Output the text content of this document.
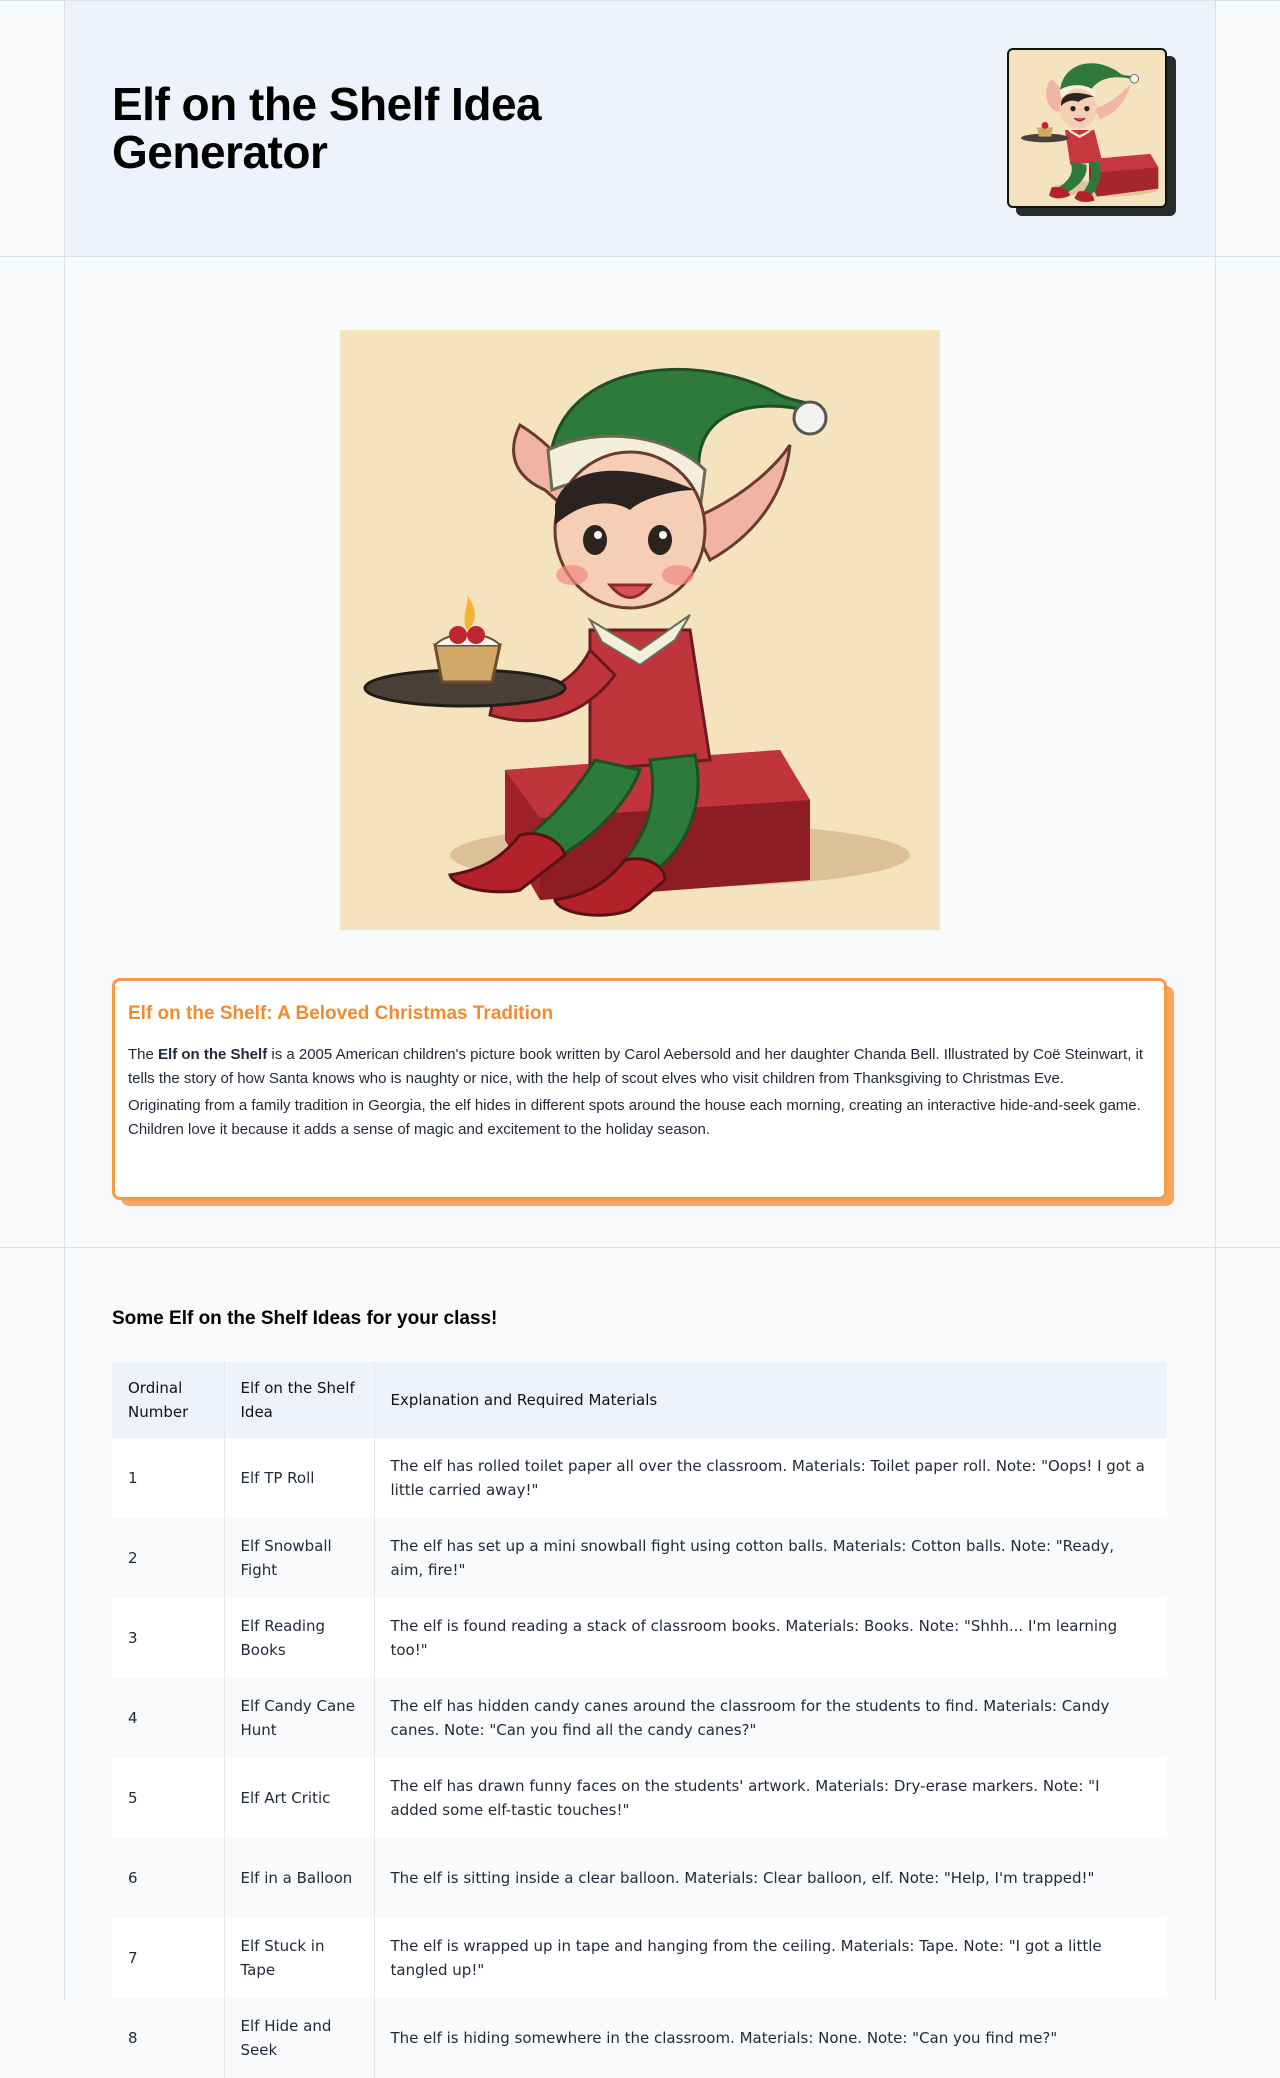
Elf on the Shelf Idea Generator
Elf on the Shelf: A Beloved Christmas Tradition

The Elf on the Shelf is a 2005 American children's picture book written by Carol Aebersold and her daughter Chanda Bell. Illustrated by Coë Steinwart, it tells the story of how Santa knows who is naughty or nice, with the help of scout elves who visit children from Thanksgiving to Christmas Eve.

Originating from a family tradition in Georgia, the elf hides in different spots around the house each morning, creating an interactive hide-and-seek game. Children love it because it adds a sense of magic and excitement to the holiday season.

Some Elf on the Shelf Ideas for your class!
Ordinal Number	Elf on the Shelf Idea	Explanation and Required Materials
1	Elf TP Roll	The elf has rolled toilet paper all over the classroom. Materials: Toilet paper roll. Note: "Oops! I got a little carried away!"
2	Elf Snowball Fight	The elf has set up a mini snowball fight using cotton balls. Materials: Cotton balls. Note: "Ready, aim, fire!"
3	Elf Reading Books	The elf is found reading a stack of classroom books. Materials: Books. Note: "Shhh... I'm learning too!"
4	Elf Candy Cane Hunt	The elf has hidden candy canes around the classroom for the students to find. Materials: Candy canes. Note: "Can you find all the candy canes?"
5	Elf Art Critic	The elf has drawn funny faces on the students' artwork. Materials: Dry-erase markers. Note: "I added some elf-tastic touches!"
6	Elf in a Balloon	The elf is sitting inside a clear balloon. Materials: Clear balloon, elf. Note: "Help, I'm trapped!"
7	Elf Stuck in Tape	The elf is wrapped up in tape and hanging from the ceiling. Materials: Tape. Note: "I got a little tangled up!"
8	Elf Hide and Seek	The elf is hiding somewhere in the classroom. Materials: None. Note: "Can you find me?"
